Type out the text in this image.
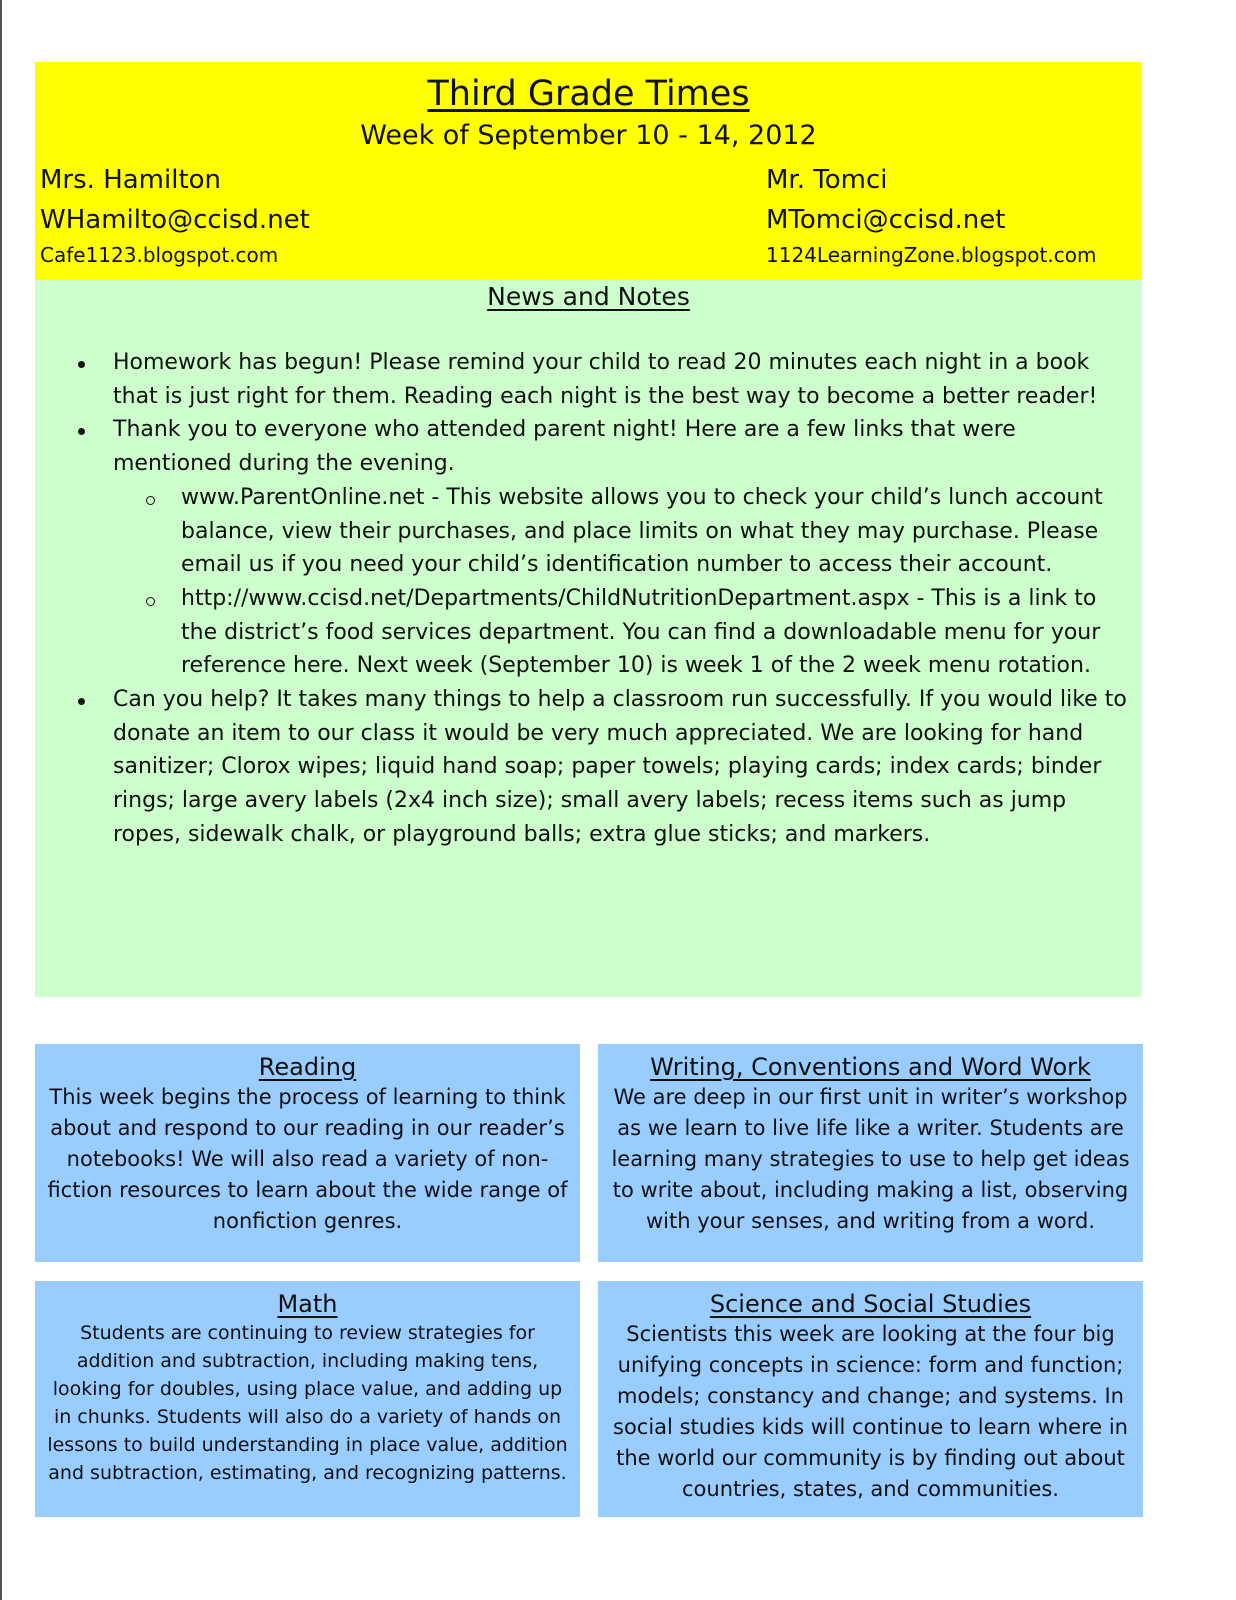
Third Grade Times
Week of September 10 - 14, 2012
Mrs. Hamilton
WHamilto@ccisd.net
Cafe1123.blogspot.com
Mr. Tomci
MTomci@ccisd.net
1124LearningZone.blogspot.com
News and Notes
Homework has begun! Please remind your child to read 20 minutes each night in a book that is just right for them. Reading each night is the best way to become a better reader!
Thank you to everyone who attended parent night! Here are a few links that were mentioned during the evening.
www.ParentOnline.net - This website allows you to check your child’s lunch account balance, view their purchases, and place limits on what they may purchase. Please email us if you need your child’s identification number to access their account.
http://www.ccisd.net/Departments/ChildNutritionDepartment.aspx - This is a link to the district’s food services department. You can find a downloadable menu for your reference here. Next week (September 10) is week 1 of the 2 week menu rotation.
Can you help? It takes many things to help a classroom run successfully. If you would like to donate an item to our class it would be very much appreciated. We are looking for hand sanitizer; Clorox wipes; liquid hand soap; paper towels; playing cards; index cards; binder rings; large avery labels (2x4 inch size); small avery labels; recess items such as jump ropes, sidewalk chalk, or playground balls; extra glue sticks; and markers.
Reading
This week begins the process of learning to think about and respond to our reading in our reader’s notebooks! We will also read a variety of non-fiction resources to learn about the wide range of nonfiction genres.
Writing, Conventions and Word Work
We are deep in our first unit in writer’s workshop as we learn to live life like a writer. Students are learning many strategies to use to help get ideas to write about, including making a list, observing with your senses, and writing from a word.
Math
Students are continuing to review strategies for addition and subtraction, including making tens, looking for doubles, using place value, and adding up in chunks. Students will also do a variety of hands on lessons to build understanding in place value, addition and subtraction, estimating, and recognizing patterns.
Science and Social Studies
Scientists this week are looking at the four big unifying concepts in science: form and function; models; constancy and change; and systems. In social studies kids will continue to learn where in the world our community is by finding out about countries, states, and communities.
